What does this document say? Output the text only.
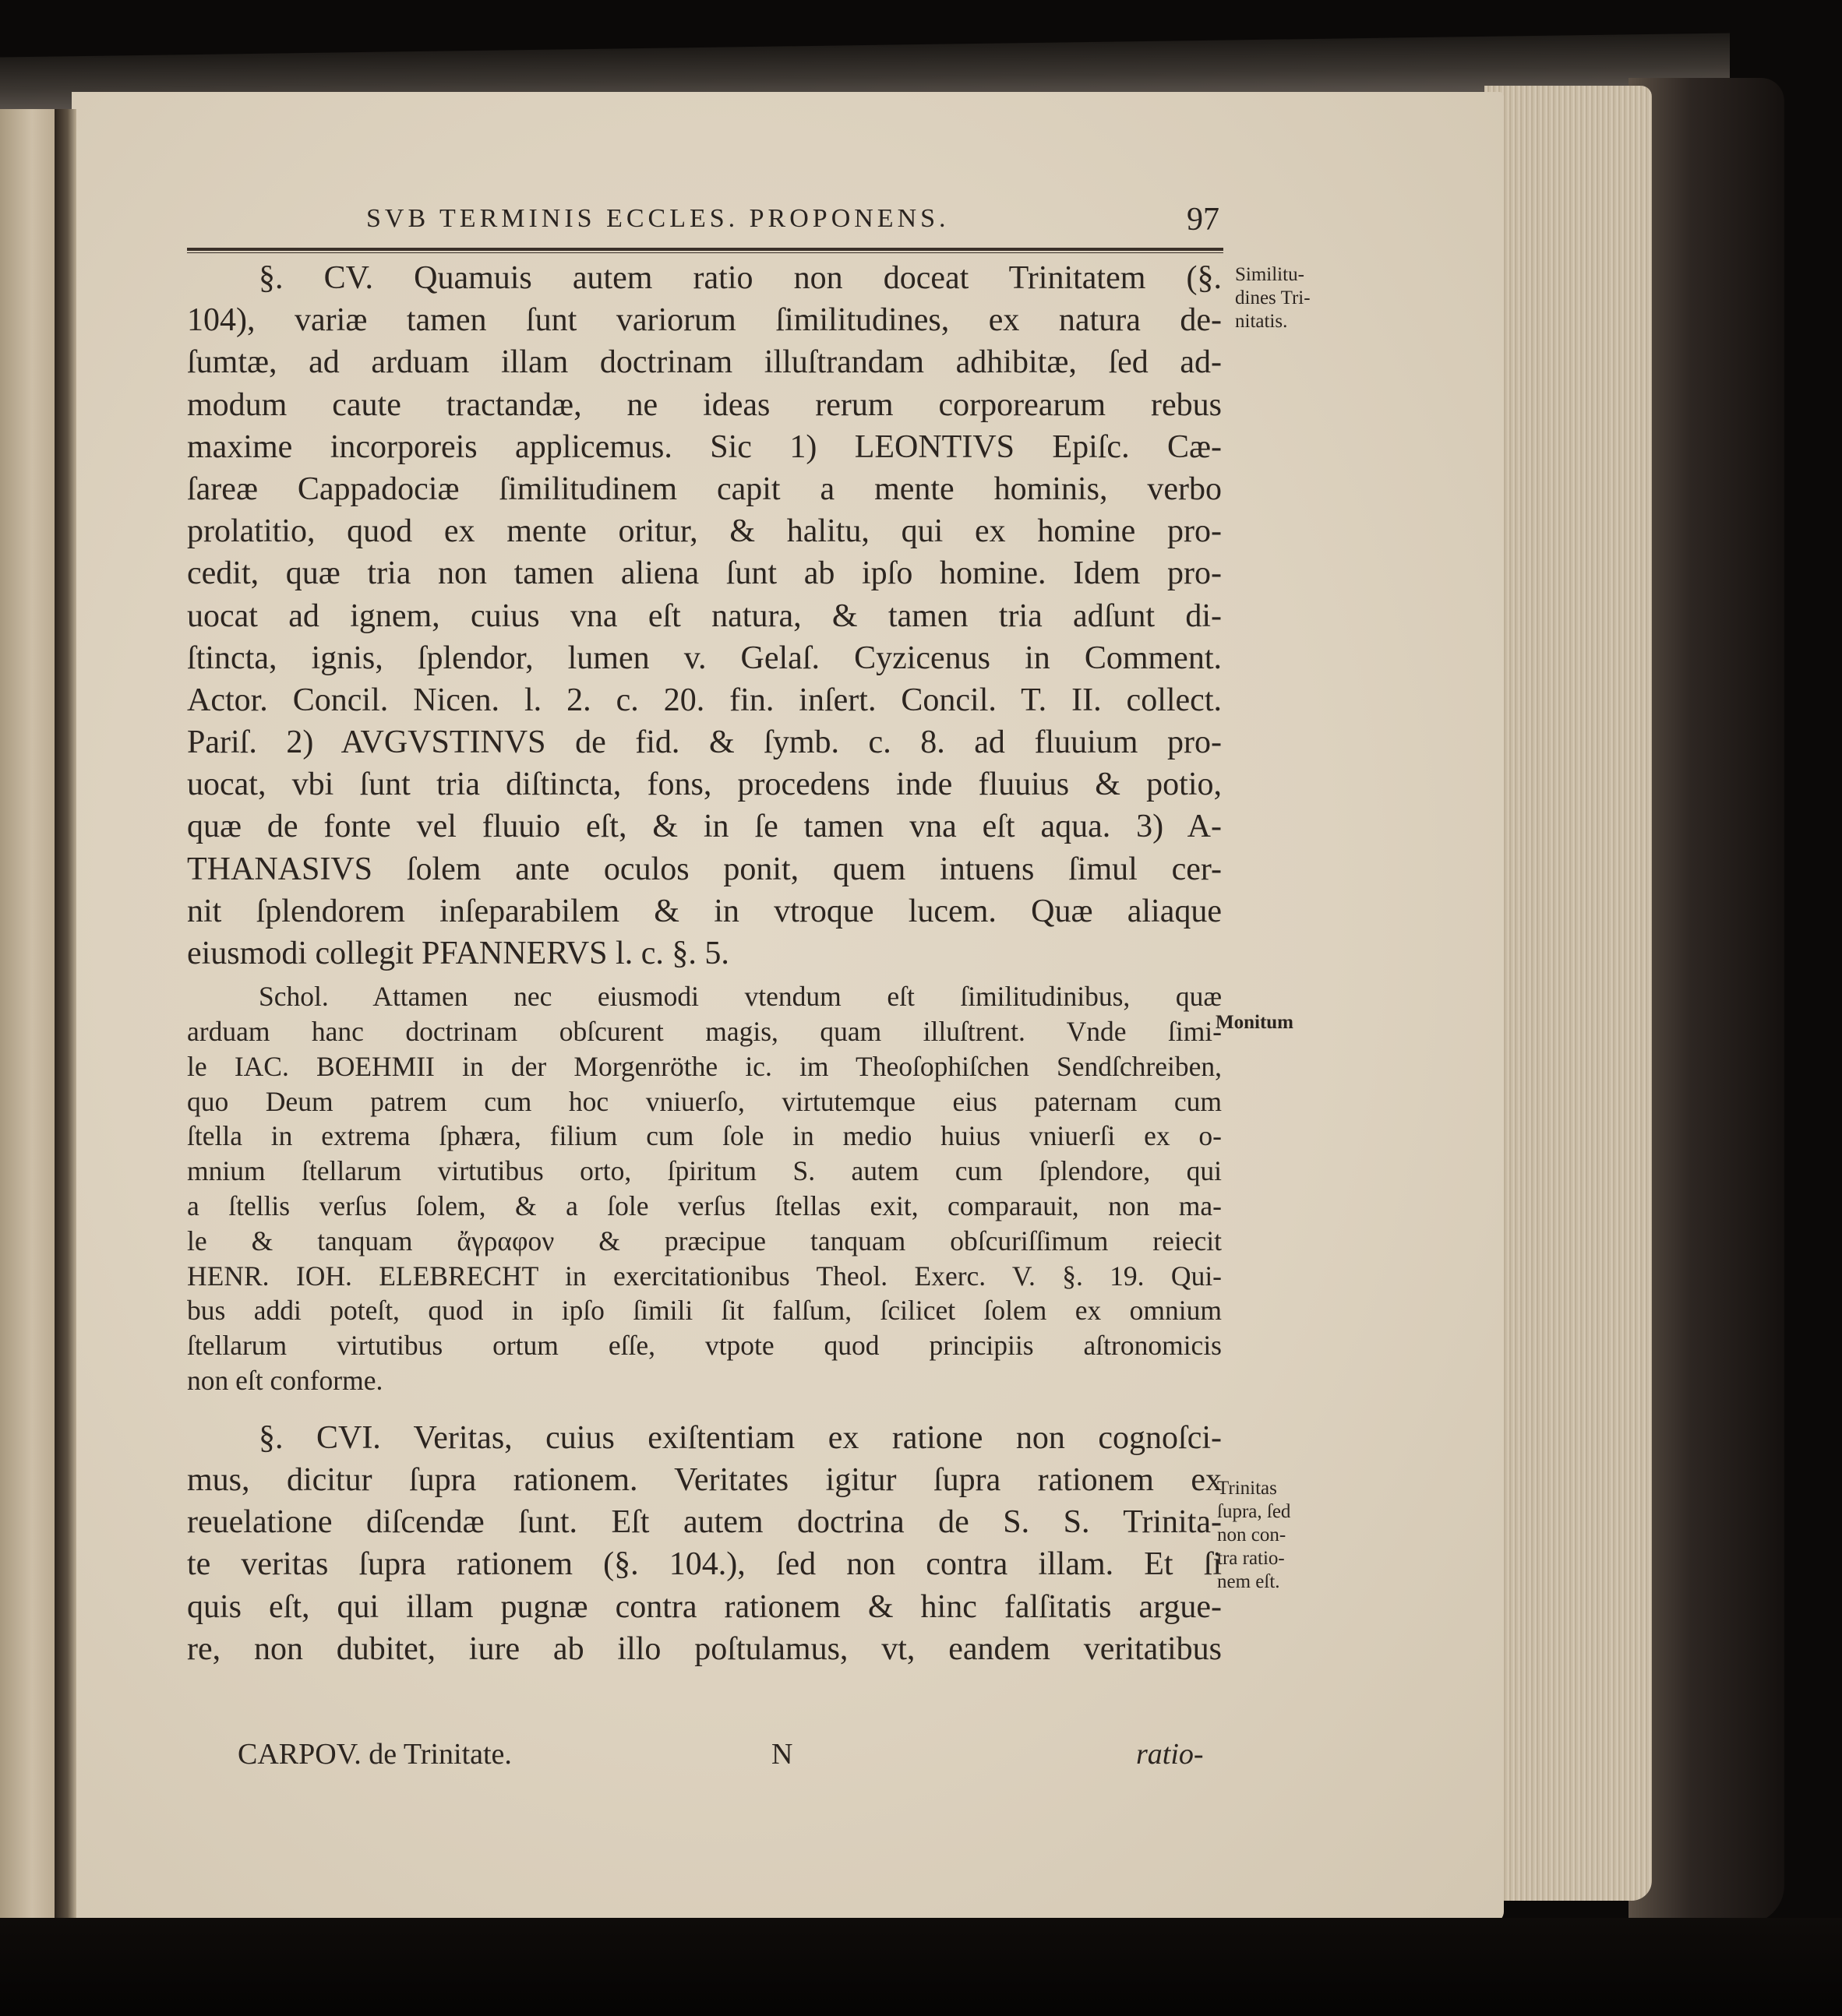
SVB TERMINIS ECCLES. PROPONENS.	97
§. CV. Quamuis autem ratio non doceat Trinitatem (§.
104), variæ tamen ſunt variorum ſimilitudines, ex natura de-
ſumtæ, ad arduam illam doctrinam illuſtrandam adhibitæ, ſed ad-
modum caute tractandæ, ne ideas rerum corporearum rebus
maxime incorporeis applicemus. Sic 1) LEONTIVS Epiſc. Cæ-
ſareæ Cappadociæ ſimilitudinem capit a mente hominis, verbo
prolatitio, quod ex mente oritur, & halitu, qui ex homine pro-
cedit, quæ tria non tamen aliena ſunt ab ipſo homine. Idem pro-
uocat ad ignem, cuius vna eſt natura, & tamen tria adſunt di-
ſtincta, ignis, ſplendor, lumen v. Gelaſ. Cyzicenus in Comment.
Actor. Concil. Nicen. l. 2. c. 20. fin. inſert. Concil. T. II. collect.
Pariſ. 2) AVGVSTINVS de fid. & ſymb. c. 8. ad fluuium pro-
uocat, vbi ſunt tria diſtincta, fons, procedens inde fluuius & potio,
quæ de fonte vel fluuio eſt, & in ſe tamen vna eſt aqua. 3) A-
THANASIVS ſolem ante oculos ponit, quem intuens ſimul cer-
nit ſplendorem inſeparabilem & in vtroque lucem. Quæ aliaque
eiusmodi collegit PFANNERVS l. c. §. 5.
Schol. Attamen nec eiusmodi vtendum eſt ſimilitudinibus, quæ
arduam hanc doctrinam obſcurent magis, quam illuſtrent. Vnde ſimi-
le IAC. BOEHMII in der Morgenröthe ic. im Theoſophiſchen Sendſchreiben,
quo Deum patrem cum hoc vniuerſo, virtutemque eius paternam cum
ſtella in extrema ſphæra, filium cum ſole in medio huius vniuerſi ex o-
mnium ſtellarum virtutibus orto, ſpiritum S. autem cum ſplendore, qui
a ſtellis verſus ſolem, & a ſole verſus ſtellas exit, comparauit, non ma-
le & tanquam ἄγραφον & præcipue tanquam obſcuriſſimum reiecit
HENR. IOH. ELEBRECHT in exercitationibus Theol. Exerc. V. §. 19. Qui-
bus addi poteſt, quod in ipſo ſimili ſit falſum, ſcilicet ſolem ex omnium
ſtellarum virtutibus ortum eſſe, vtpote quod principiis aſtronomicis
non eſt conforme.
§. CVI. Veritas, cuius exiſtentiam ex ratione non cognoſci-
mus, dicitur ſupra rationem. Veritates igitur ſupra rationem ex
reuelatione diſcendæ ſunt. Eſt autem doctrina de S. S. Trinita-
te veritas ſupra rationem (§. 104.), ſed non contra illam. Et ſi
quis eſt, qui illam pugnæ contra rationem & hinc falſitatis argue-
re, non dubitet, iure ab illo poſtulamus, vt, eandem veritatibus
CARPOV. de Trinitate.	N	ratio-
Similitu-
dines Tri-
nitatis.
Monitum
Trinitas
ſupra, ſed
non con-
tra ratio-
nem eſt.
